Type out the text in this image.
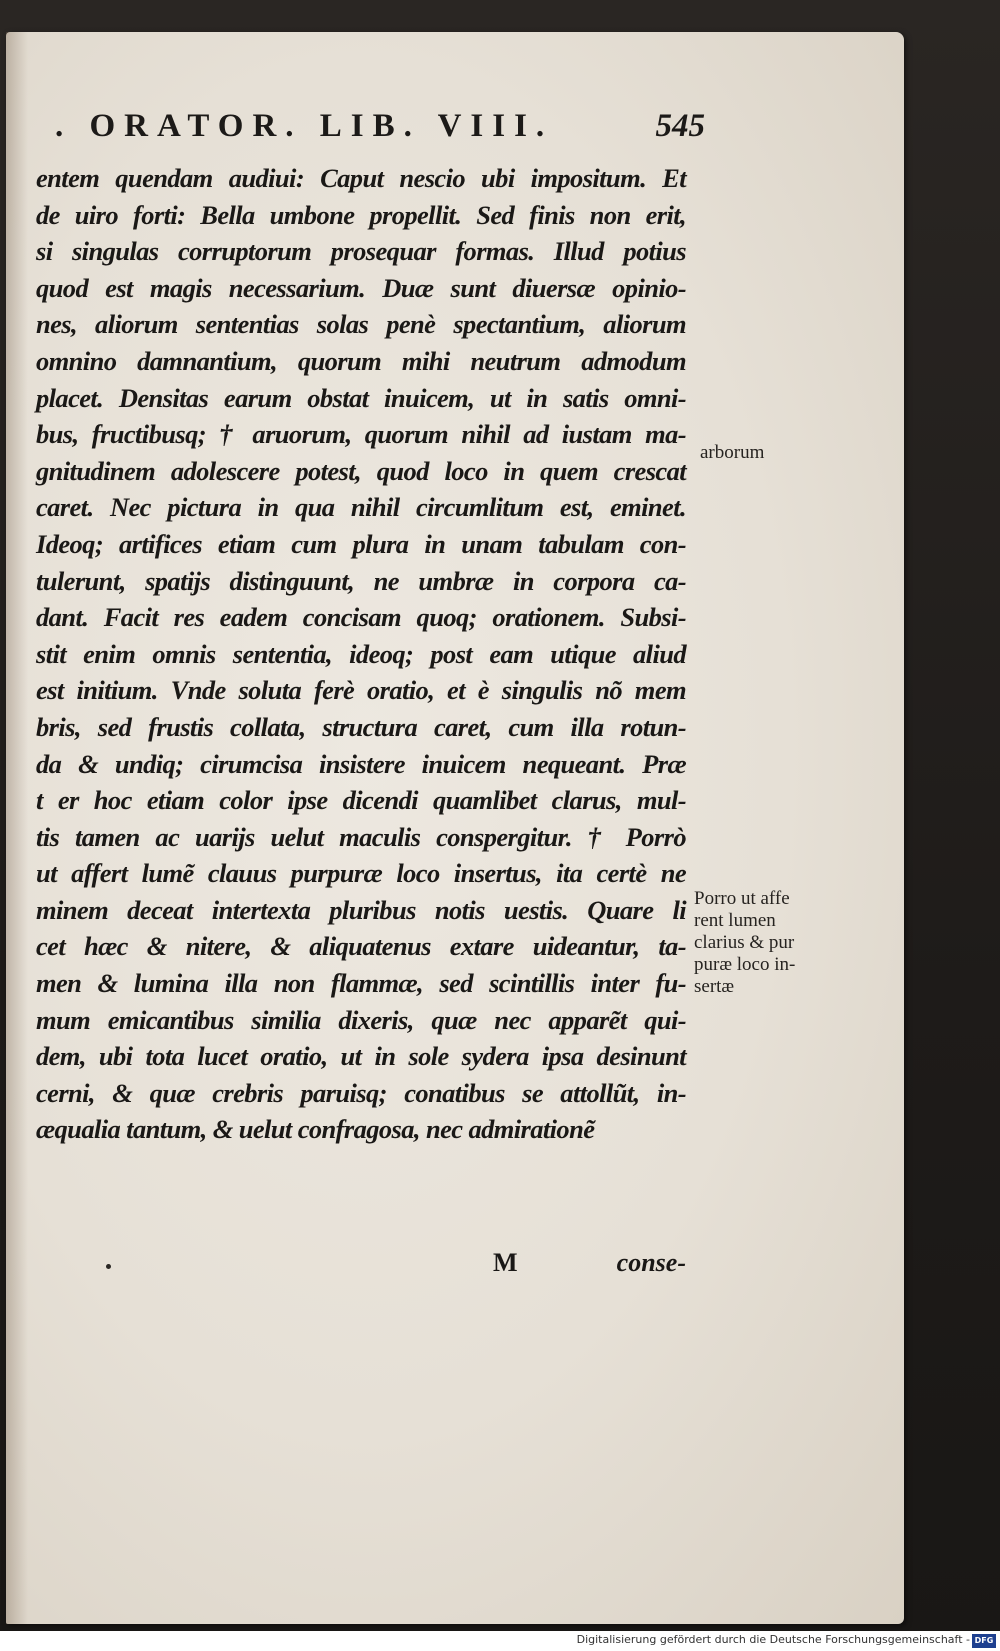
. ORATOR. LIB. VIII.	545
entem quendam audiui: Caput nescio ubi impositum. Et
de uiro forti: Bella umbone propellit. Sed finis non erit,
si singulas corruptorum prosequar formas. Illud potius
quod est magis necessarium. Duæ sunt diuersæ opinio-
nes, aliorum sententias solas penè spectantium, aliorum
omnino damnantium, quorum mihi neutrum admodum
placet. Densitas earum obstat inuicem, ut in satis omni-
bus, fructibusq; † aruorum, quorum nihil ad iustam ma-
gnitudinem adolescere potest, quod loco in quem crescat
caret. Nec pictura in qua nihil circumlitum est, eminet.
Ideoq; artifices etiam cum plura in unam tabulam con-
tulerunt, spatijs distinguunt, ne umbræ in corpora ca-
dant. Facit res eadem concisam quoq; orationem. Subsi-
stit enim omnis sententia, ideoq; post eam utique aliud
est initium. Vnde soluta ferè oratio, et è singulis nõ mem
bris, sed frustis collata, structura caret, cum illa rotun-
da & undiq; cirumcisa insistere inuicem nequeant. Præ
t er hoc etiam color ipse dicendi quamlibet clarus, mul-
tis tamen ac uarijs uelut maculis conspergitur. † Porrò
ut affert lumẽ clauus purpuræ loco insertus, ita certè ne
minem deceat intertexta pluribus notis uestis. Quare li
cet hæc & nitere, & aliquatenus extare uideantur, ta-
men & lumina illa non flammæ, sed scintillis inter fu-
mum emicantibus similia dixeris, quæ nec apparẽt qui-
dem, ubi tota lucet oratio, ut in sole sydera ipsa desinunt
cerni, & quæ crebris paruisq; conatibus se attollũt, in-
æqualia tantum, & uelut confragosa, nec admirationẽ
arborum
Porro ut affe
rent lumen
clarius & pur
puræ loco in-
sertæ
M	conse-
Digitalisierung gefördert durch die Deutsche Forschungsgemeinschaft - DFG
